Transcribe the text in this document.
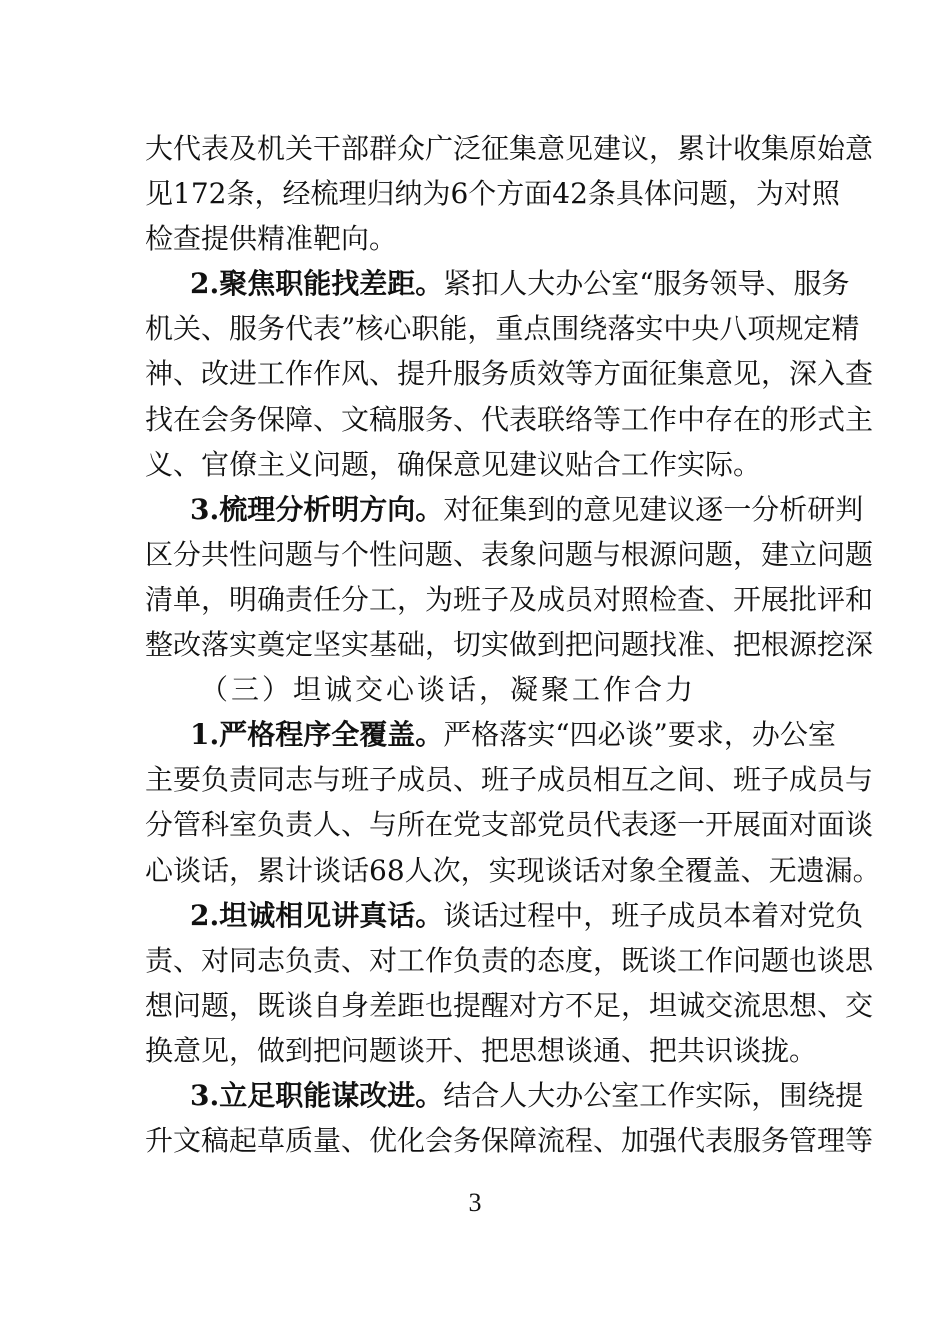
大代表及机关干部群众广泛征集意见建议，累计收集原始意
见172条，经梳理归纳为6个方面42条具体问题，为对照
检查提供精准靶向。
2.聚焦职能找差距。紧扣人大办公室“服务领导、服务
机关、服务代表”核心职能，重点围绕落实中央八项规定精
神、改进工作作风、提升服务质效等方面征集意见，深入查
找在会务保障、文稿服务、代表联络等工作中存在的形式主
义、官僚主义问题，确保意见建议贴合工作实际。
3.梳理分析明方向。对征集到的意见建议逐一分析研判
区分共性问题与个性问题、表象问题与根源问题，建立问题
清单，明确责任分工，为班子及成员对照检查、开展批评和
整改落实奠定坚实基础，切实做到把问题找准、把根源挖深
（三）坦诚交心谈话，凝聚工作合力
1.严格程序全覆盖。严格落实“四必谈”要求，办公室
主要负责同志与班子成员、班子成员相互之间、班子成员与
分管科室负责人、与所在党支部党员代表逐一开展面对面谈
心谈话，累计谈话68人次，实现谈话对象全覆盖、无遗漏。
2.坦诚相见讲真话。谈话过程中，班子成员本着对党负
责、对同志负责、对工作负责的态度，既谈工作问题也谈思
想问题，既谈自身差距也提醒对方不足，坦诚交流思想、交
换意见，做到把问题谈开、把思想谈通、把共识谈拢。
3.立足职能谋改进。结合人大办公室工作实际，围绕提
升文稿起草质量、优化会务保障流程、加强代表服务管理等
3
